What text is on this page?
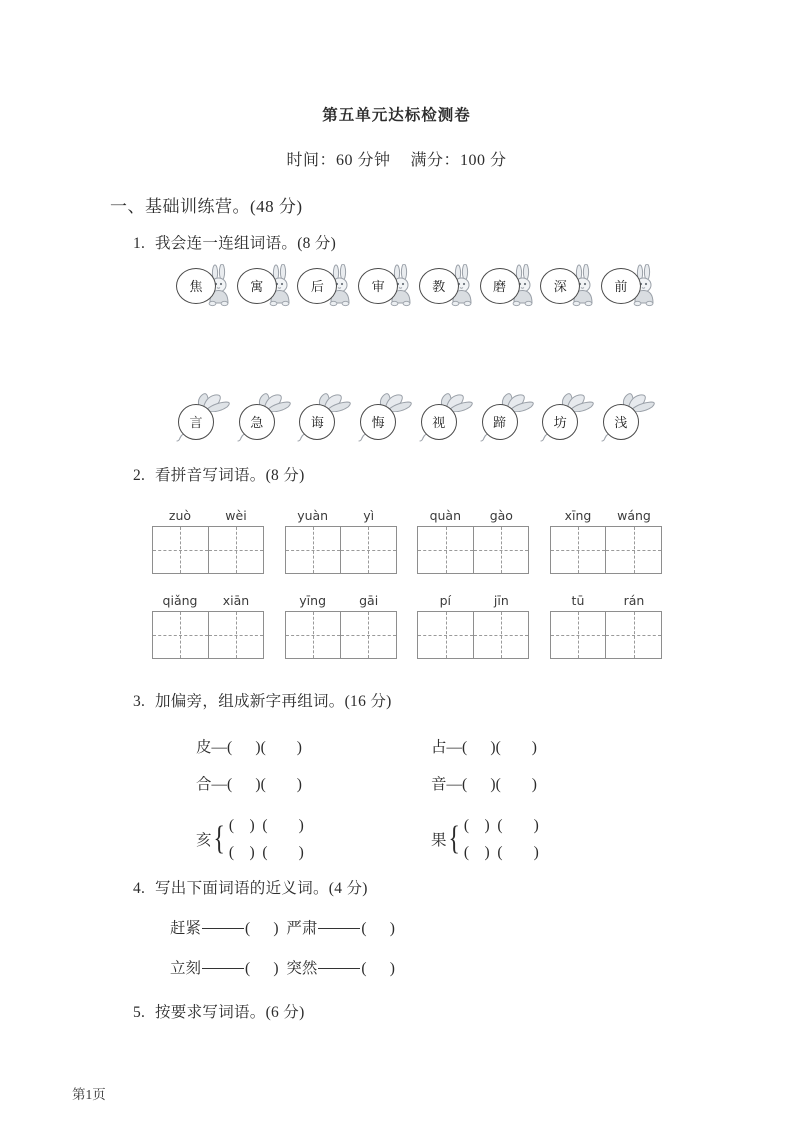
第五单元达标检测卷
时间：60 分钟 满分：100 分
一、基础训练营。(48 分)
1. 我会连一连组词语。(8 分)
焦	寓	后	审	教	磨	深	前
言	急	诲	悔	视	蹄	坊	浅
2. 看拼音写词语。(8 分)
zuò	wèi	yuàn	yì	quàn	gào	xīng	wáng
qiǎng	xiān	yīng	gāi	pí	jīn	tū	rán
3. 加偏旁，组成新字再组词。(16 分)
皮—(      )(        )	占—(      )(        )
合—(      )(        )	音—(      )(        )
亥 { (    )  (        )
(    )  (        )
果 { (    )  (        )
(    )  (        )
4. 写出下面词语的近义词。(4 分)
赶紧	(      ) 严肃	(      )
立刻	(      ) 突然	(      )
5. 按要求写词语。(6 分)
第1页
